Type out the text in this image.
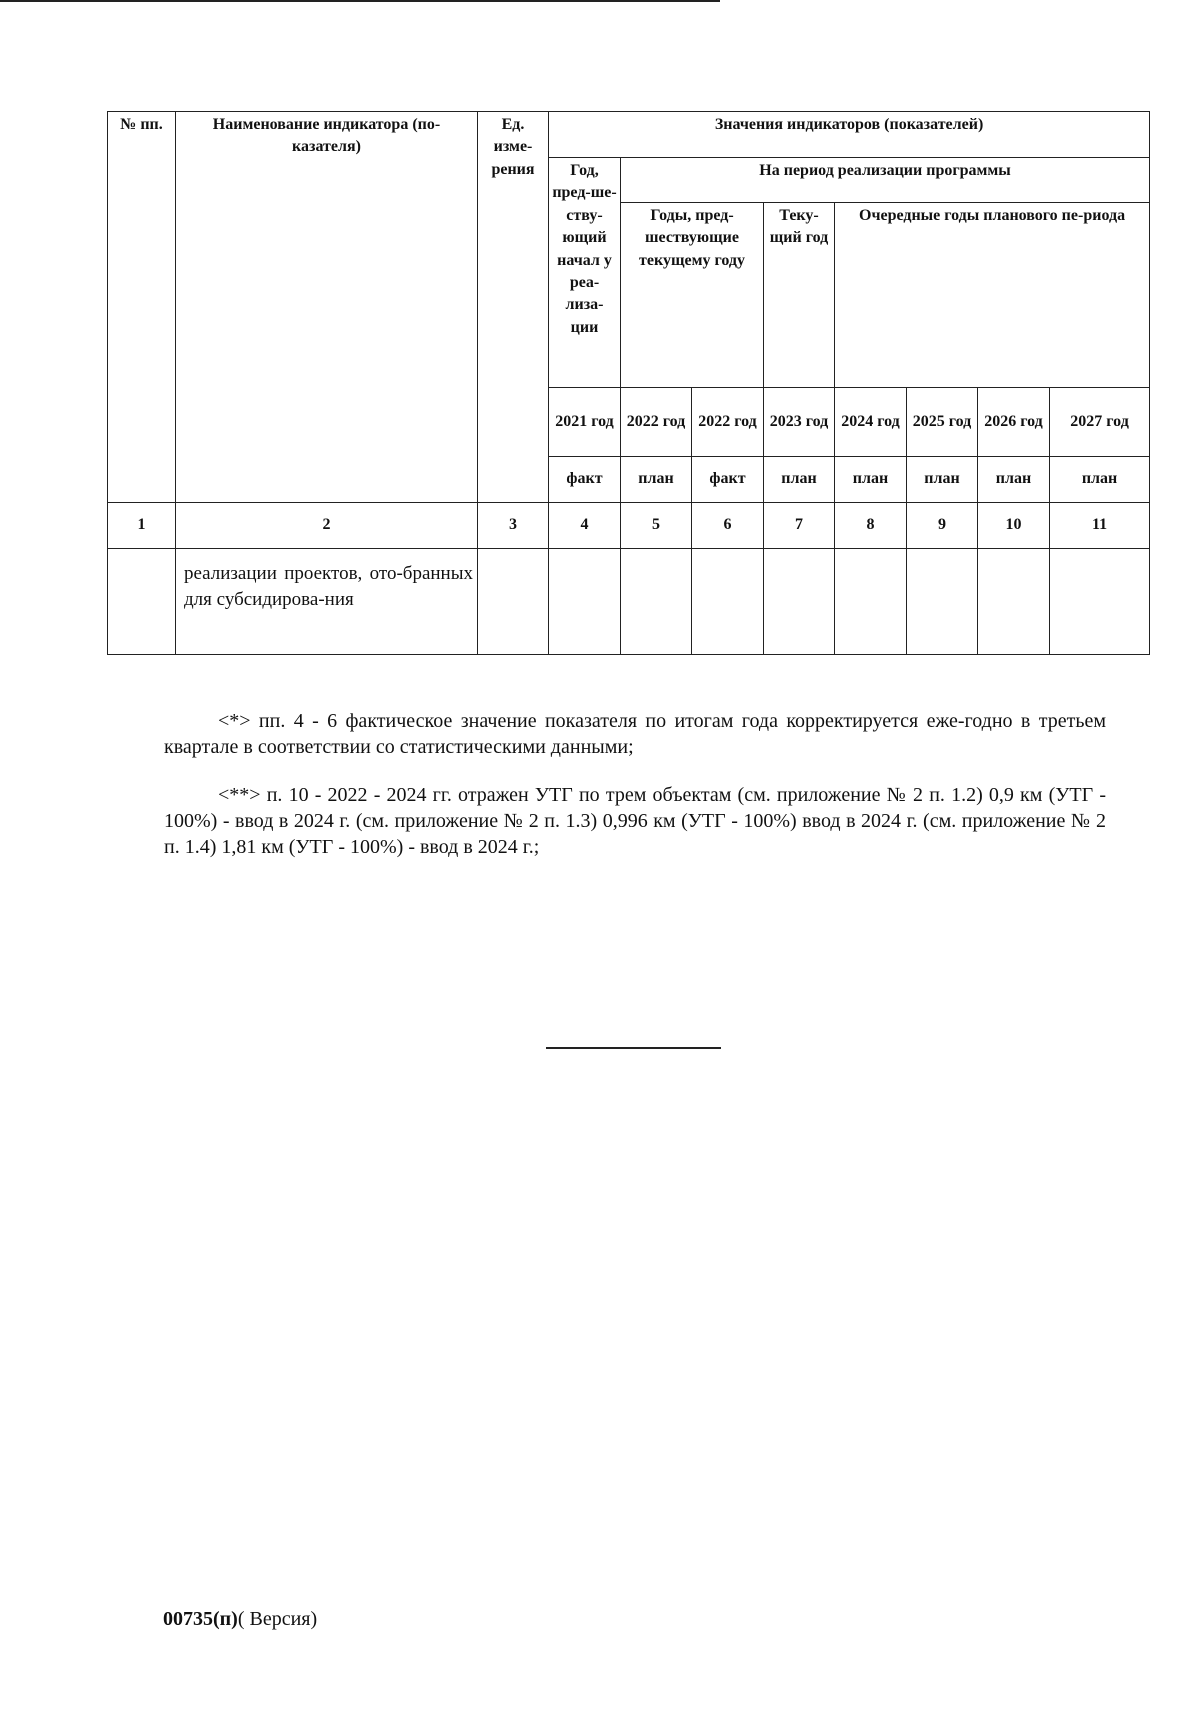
№ пп.	Наименование индикатора (по-казателя)	Ед. изме-рения	Значения индикаторов (показателей)							
			Год, пред-ше-ству-ющий начал у реа-лиза-ции	На период реализации программы						
				Годы, пред-шествующие текущему году		Теку-щий год	Очередные годы планового пе-риода			
			2021 год	2022 год	2022 год	2023 год	2024 год	2025 год	2026 год	2027 год
			факт	план	факт	план	план	план	план	план
1	2	3	4	5	6	7	8	9	10	11
	реализации проектов, ото-бранных для субсидирова-ния									

<*> пп. 4 - 6 фактическое значение показателя по итогам года корректируется еже-годно в третьем квартале в соответствии со статистическими данными;

<**> п. 10 - 2022 - 2024 гг. отражен УТГ по трем объектам (см. приложение № 2 п. 1.2) 0,9 км (УТГ - 100%) - ввод в 2024 г. (см. приложение № 2 п. 1.3) 0,996 км (УТГ - 100%) ввод в 2024 г. (см. приложение № 2 п. 1.4) 1,81 км (УТГ - 100%) - ввод в 2024 г.;

00735(п)( Версия)
